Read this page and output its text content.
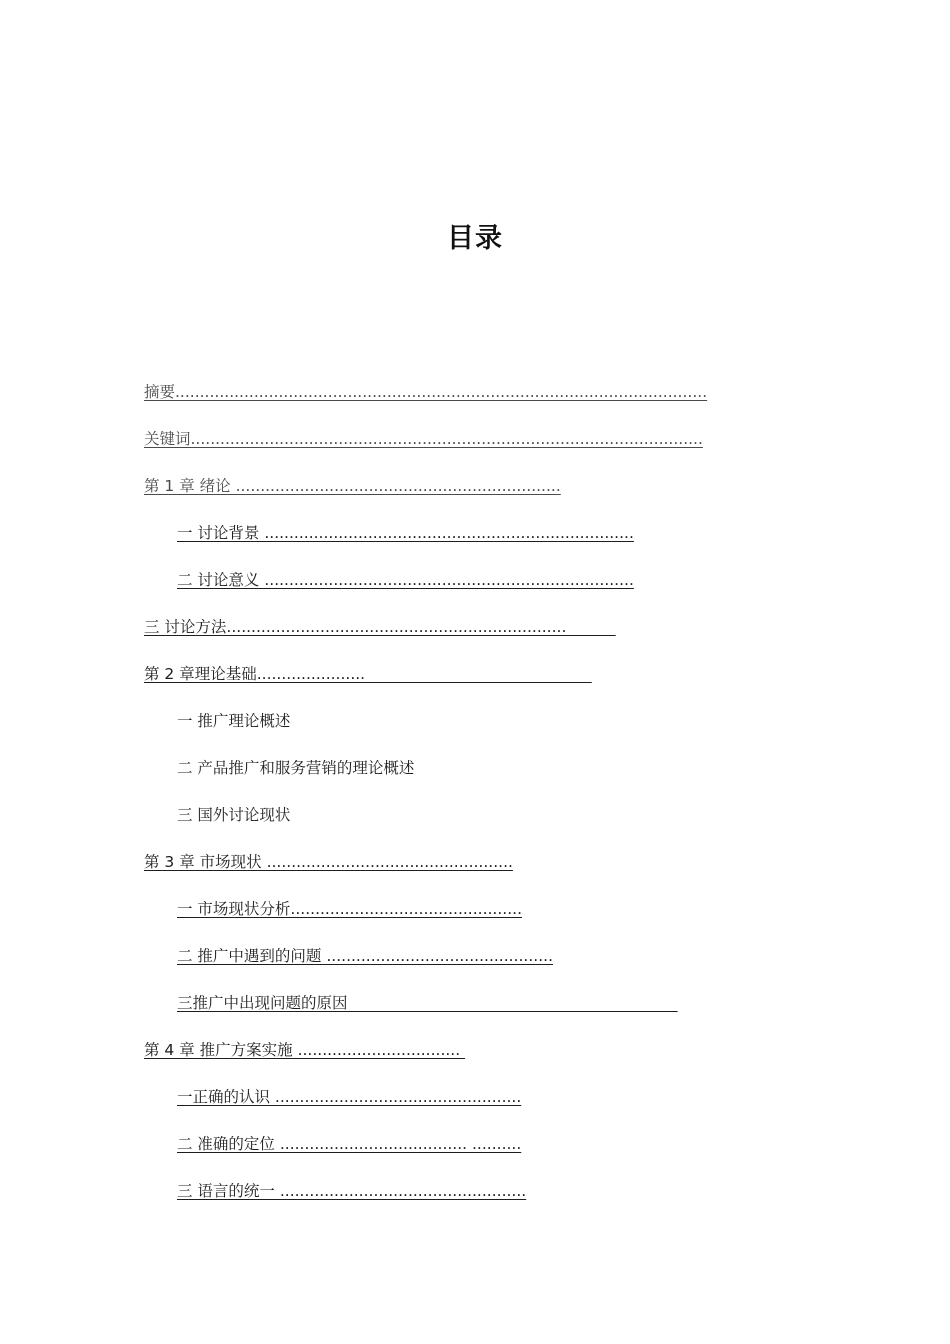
目录
摘要............................................................................................................
关键词........................................................................................................
第 1 章 绪论 ..................................................................
一 讨论背景 ...........................................................................
二 讨论意义 ...........................................................................
三 讨论方法.....................................................................
第 2 章理论基础......................
一 推广理论概述
二 产品推广和服务营销的理论概述
三 国外讨论现状
第 3 章 市场现状 ..................................................
一 市场现状分析...............................................
二 推广中遇到的问题 ..............................................
三推广中出现问题的原因
第 4 章 推广方案实施 .................................
一正确的认识 ..................................................
二 准确的定位 ...................................... ..........
三 语言的统一 ..................................................
